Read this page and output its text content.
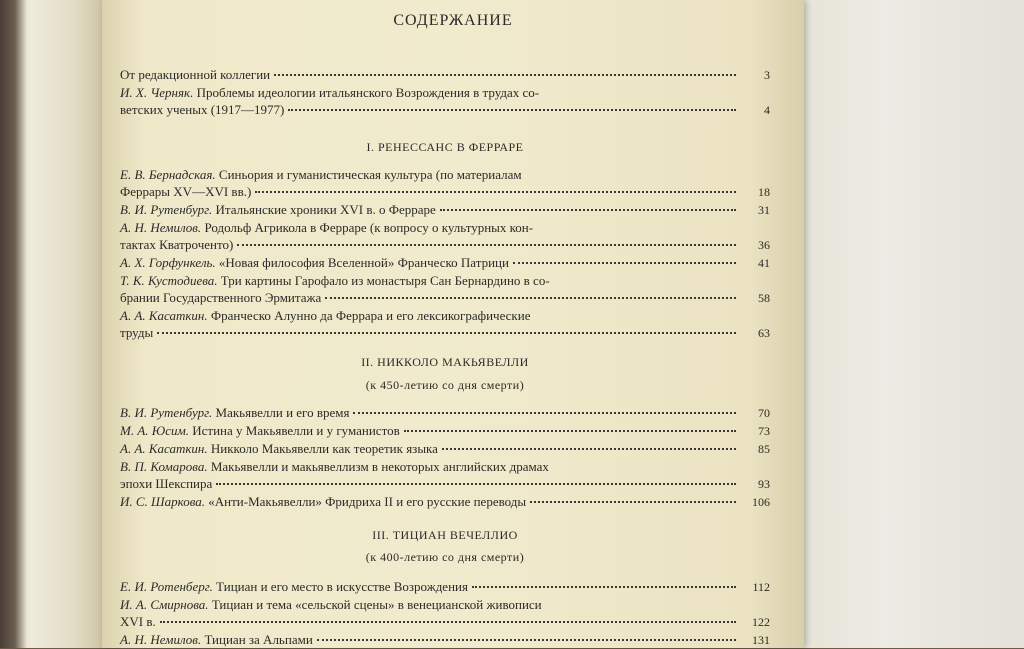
СОДЕРЖАНИЕ
От редакционной коллегии	3
И. Х. Черняк.
Проблемы идеологии итальянского Возрождения в трудах со-
ветских ученых (1917—1977)	4
I. РЕНЕССАНС В ФЕРРАРЕ
Е. В. Бернадская.
Синьория и гуманистическая культура (по материалам
Феррары XV—XVI вв.)	18
В. И. Рутенбург.
Итальянские хроники XVI в. о Ферраре	31
А. Н. Немилов.
Родольф Агрикола в Ферраре (к вопросу о культурных кон-
тактах Кватроченто)	36
А. Х. Горфункель.
«Новая философия Вселенной» Франческо Патрици	41
Т. К. Кустодиева.
Три картины Гарофало из монастыря Сан Бернардино в со-
брании Государственного Эрмитажа	58
А. А. Касаткин.
Франческо Алунно да Феррара и его лексикографические
труды	63
II. НИККОЛО МАКЬЯВЕЛЛИ
(к 450-летию со дня смерти)
В. И. Рутенбург.
Макьявелли и его время	70
М. А. Юсим.
Истина у Макьявелли и у гуманистов	73
А. А. Касаткин.
Никколо Макьявелли как теоретик языка	85
В. П. Комарова.
Макьявелли и макьявеллизм в некоторых английских драмах
эпохи Шекспира	93
И. С. Шаркова.
«Анти-Макьявелли» Фридриха II и его русские переводы	106
III. ТИЦИАН ВЕЧЕЛЛИО
(к 400-летию со дня смерти)
Е. И. Ротенберг.
Тициан и его место в искусстве Возрождения	112
И. А. Смирнова.
Тициан и тема «сельской сцены» в венецианской живописи
XVI в.	122
А. Н. Немилов.
Тициан за Альпами	131
